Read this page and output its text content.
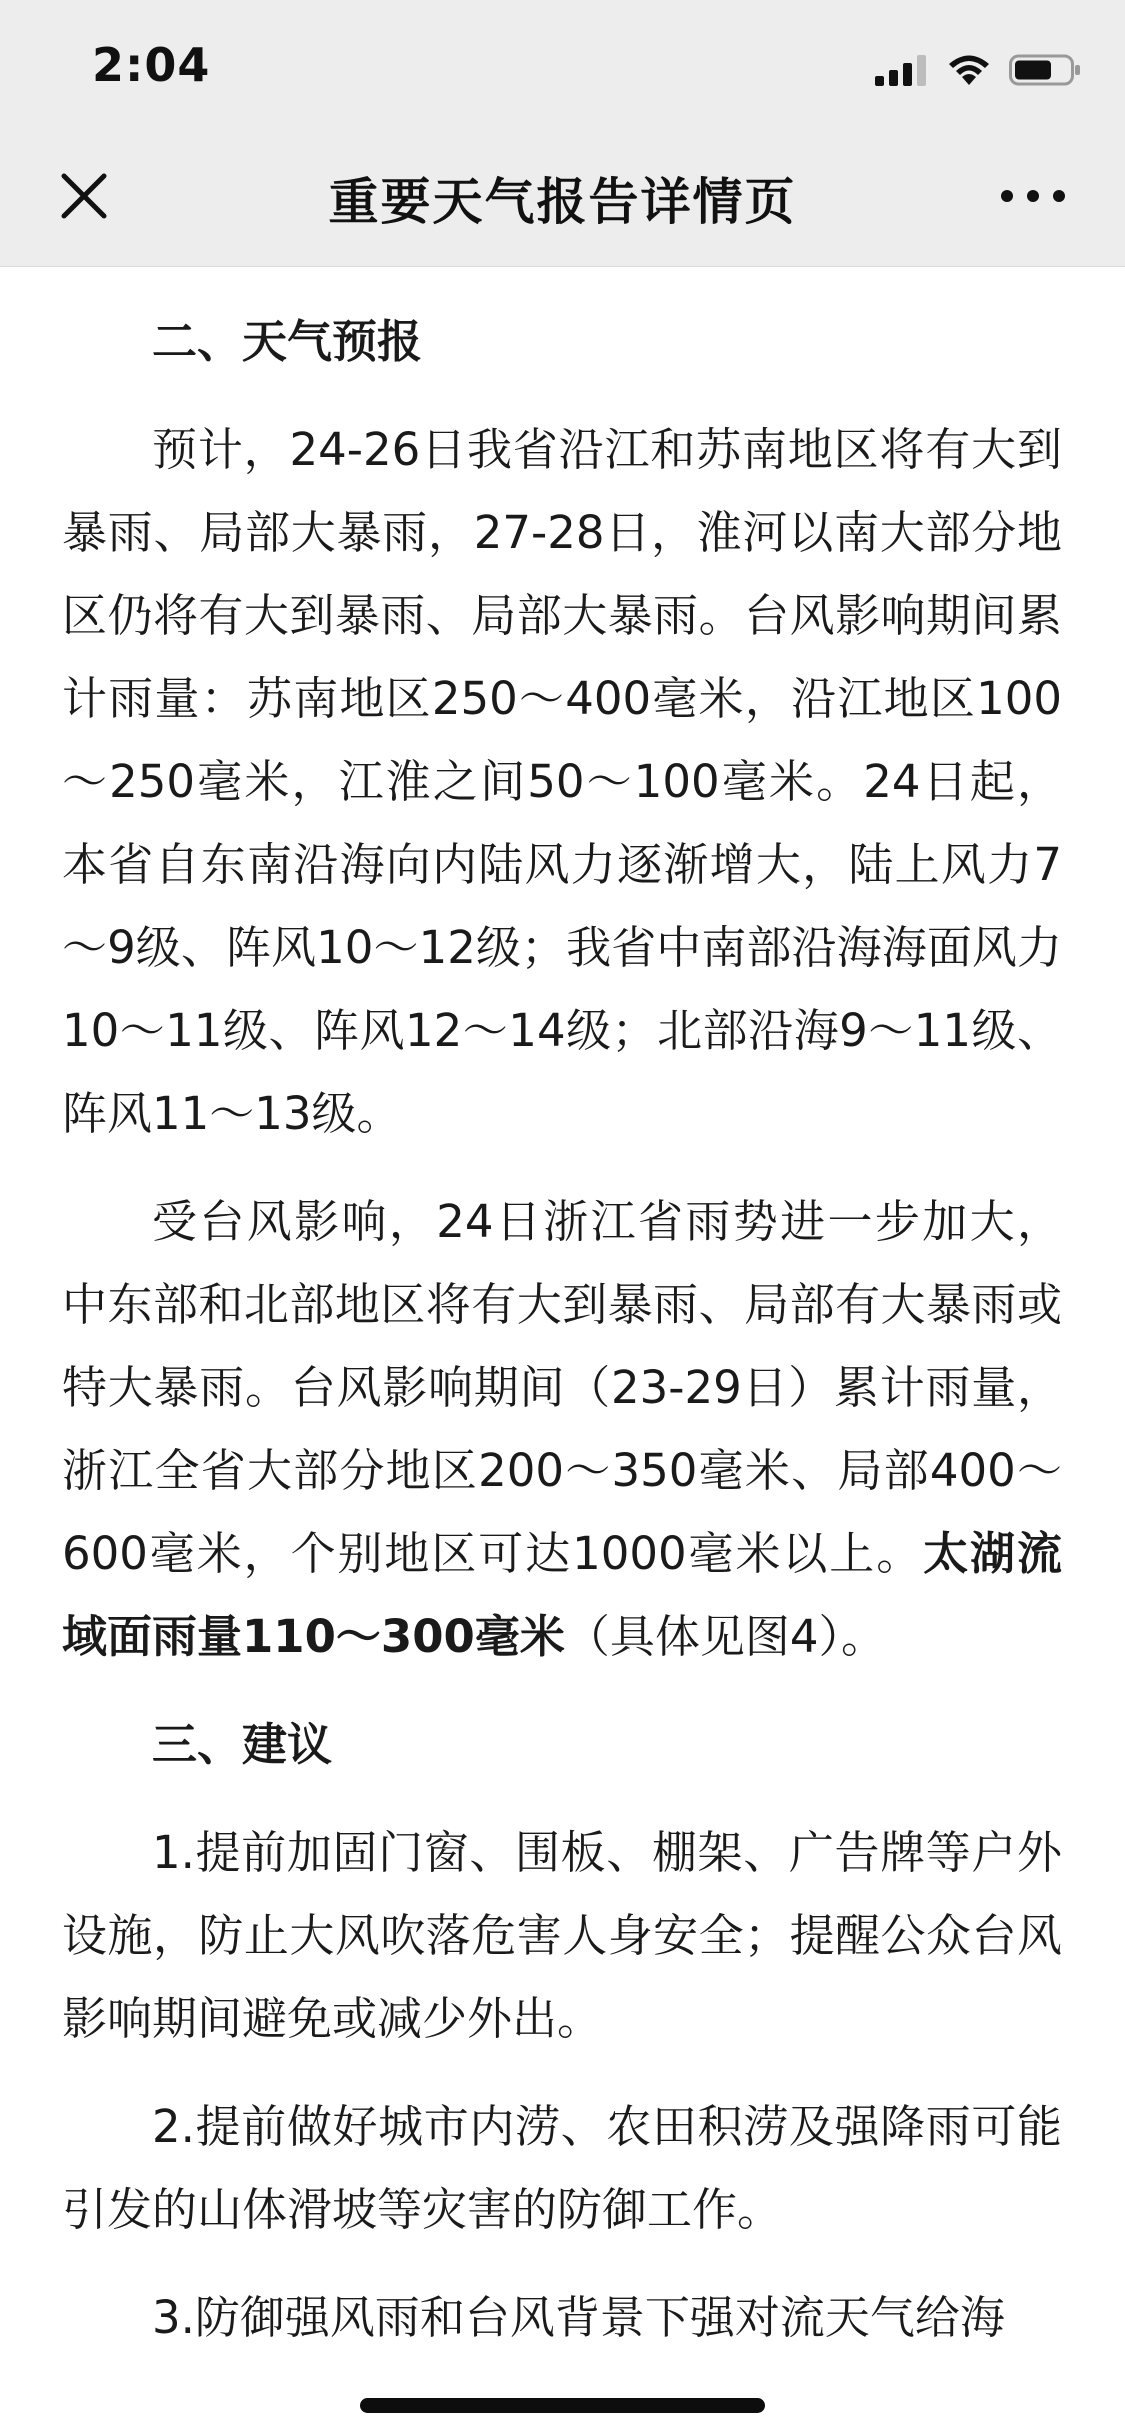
2:04
重要天气报告详情页

二、天气预报

预计，24-26日我省沿江和苏南地区将有大到暴雨、局部大暴雨，27-28日，淮河以南大部分地区仍将有大到暴雨、局部大暴雨。台风影响期间累计雨量：苏南地区250～400毫米，沿江地区100～250毫米，江淮之间50～100毫米。24日起，本省自东南沿海向内陆风力逐渐增大，陆上风力7～9级、阵风10～12级；我省中南部沿海海面风力10～11级、阵风12～14级；北部沿海9～11级、阵风11～13级。

受台风影响，24日浙江省雨势进一步加大，中东部和北部地区将有大到暴雨、局部有大暴雨或特大暴雨。台风影响期间（23-29日）累计雨量，浙江全省大部分地区200～350毫米、局部400～600毫米，个别地区可达1000毫米以上。太湖流域面雨量110～300毫米（具体见图4）。

三、建议

1.提前加固门窗、围板、棚架、广告牌等户外设施，防止大风吹落危害人身安全；提醒公众台风影响期间避免或减少外出。

2.提前做好城市内涝、农田积涝及强降雨可能引发的山体滑坡等灾害的防御工作。

3.防御强风雨和台风背景下强对流天气给海
